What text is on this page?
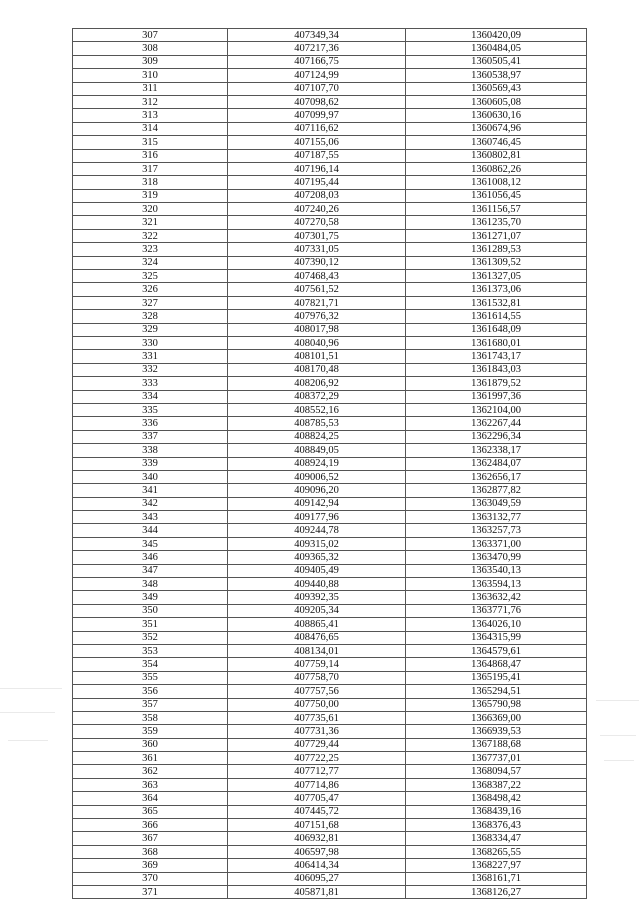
307	407349,34	1360420,09
308	407217,36	1360484,05
309	407166,75	1360505,41
310	407124,99	1360538,97
311	407107,70	1360569,43
312	407098,62	1360605,08
313	407099,97	1360630,16
314	407116,62	1360674,96
315	407155,06	1360746,45
316	407187,55	1360802,81
317	407196,14	1360862,26
318	407195,44	1361008,12
319	407208,03	1361056,45
320	407240,26	1361156,57
321	407270,58	1361235,70
322	407301,75	1361271,07
323	407331,05	1361289,53
324	407390,12	1361309,52
325	407468,43	1361327,05
326	407561,52	1361373,06
327	407821,71	1361532,81
328	407976,32	1361614,55
329	408017,98	1361648,09
330	408040,96	1361680,01
331	408101,51	1361743,17
332	408170,48	1361843,03
333	408206,92	1361879,52
334	408372,29	1361997,36
335	408552,16	1362104,00
336	408785,53	1362267,44
337	408824,25	1362296,34
338	408849,05	1362338,17
339	408924,19	1362484,07
340	409006,52	1362656,17
341	409096,20	1362877,82
342	409142,94	1363049,59
343	409177,96	1363132,77
344	409244,78	1363257,73
345	409315,02	1363371,00
346	409365,32	1363470,99
347	409405,49	1363540,13
348	409440,88	1363594,13
349	409392,35	1363632,42
350	409205,34	1363771,76
351	408865,41	1364026,10
352	408476,65	1364315,99
353	408134,01	1364579,61
354	407759,14	1364868,47
355	407758,70	1365195,41
356	407757,56	1365294,51
357	407750,00	1365790,98
358	407735,61	1366369,00
359	407731,36	1366939,53
360	407729,44	1367188,68
361	407722,25	1367737,01
362	407712,77	1368094,57
363	407714,86	1368387,22
364	407705,47	1368498,42
365	407445,72	1368439,16
366	407151,68	1368376,43
367	406932,81	1368334,47
368	406597,98	1368265,55
369	406414,34	1368227,97
370	406095,27	1368161,71
371	405871,81	1368126,27
